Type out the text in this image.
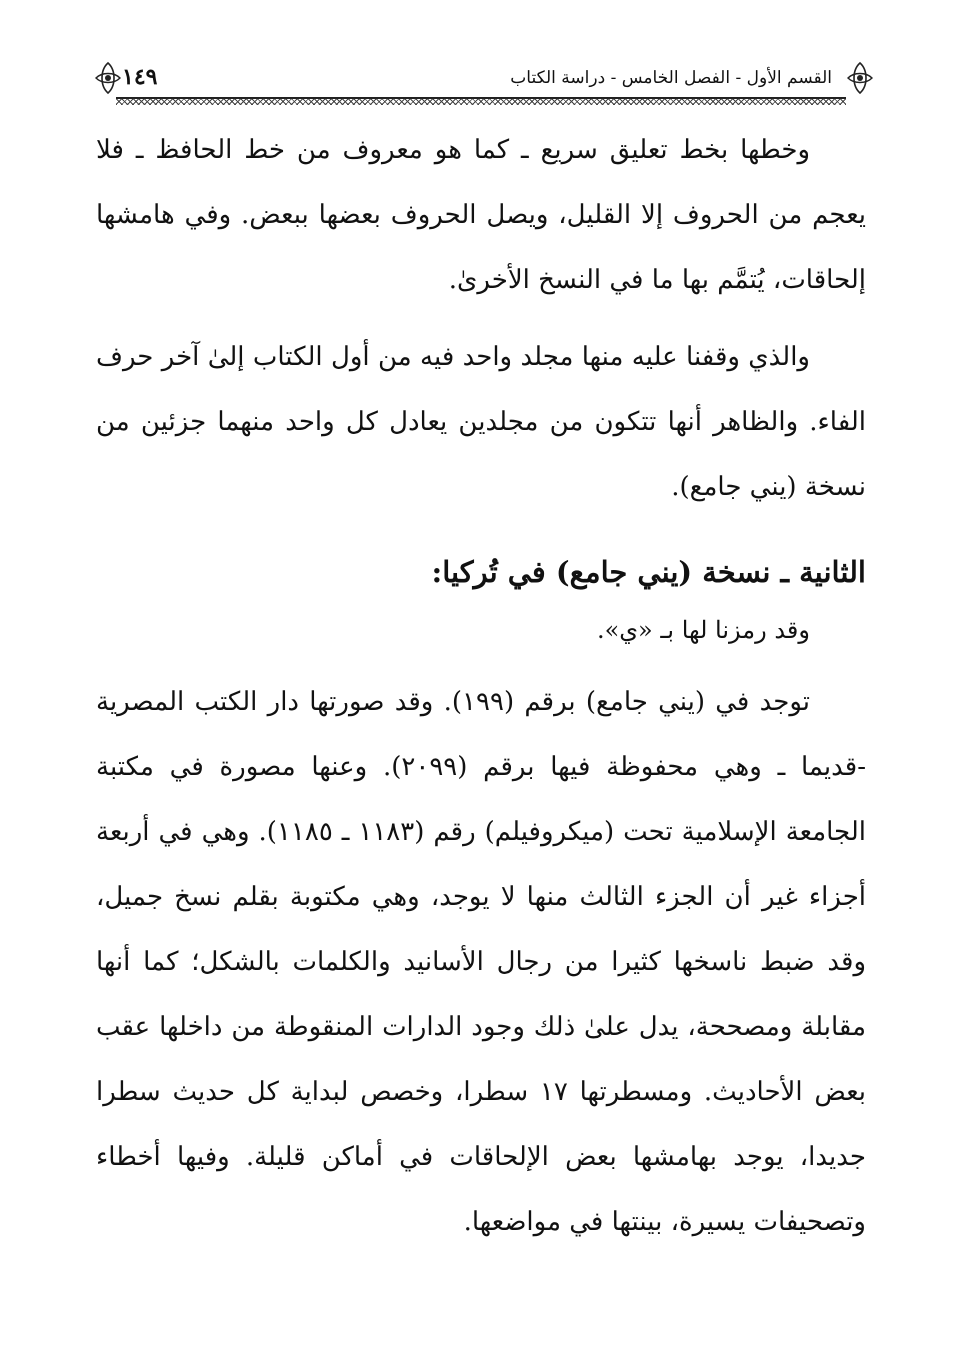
القسم الأول - الفصل الخامس - دراسة الكتاب
١٤٩

وخطها بخط تعليق سريع ـ كما هو معروف من خط الحافظ ـ فلا يعجم من الحروف إلا القليل، ويصل الحروف بعضها ببعض. وفي هامشها إلحاقات، يُتمَّم بها ما في النسخ الأخرىٰ.

والذي وقفنا عليه منها مجلد واحد فيه من أول الكتاب إلىٰ آخر حرف الفاء. والظاهر أنها تتكون من مجلدين يعادل كل واحد منهما جزئين من نسخة (يني جامع).

الثانية ـ نسخة (يني جامع) في تُركيا:

وقد رمزنا لها بـ «ي».

توجد في (يني جامع) برقم (١٩٩). وقد صورتها دار الكتب المصرية -قديما ـ وهي محفوظة فيها برقم (٢٠٩٩). وعنها مصورة في مكتبة الجامعة الإسلامية تحت (ميكروفيلم) رقم (١١٨٣ ـ ١١٨٥). وهي في أربعة أجزاء غير أن الجزء الثالث منها لا يوجد، وهي مكتوبة بقلم نسخ جميل، وقد ضبط ناسخها كثيرا من رجال الأسانيد والكلمات بالشكل؛ كما أنها مقابلة ومصححة، يدل علىٰ ذلك وجود الدارات المنقوطة من داخلها عقب بعض الأحاديث. ومسطرتها ١٧ سطرا، وخصص لبداية كل حديث سطرا جديدا، يوجد بهامشها بعض الإلحاقات في أماكن قليلة. وفيها أخطاء وتصحيفات يسيرة، بينتها في مواضعها.
